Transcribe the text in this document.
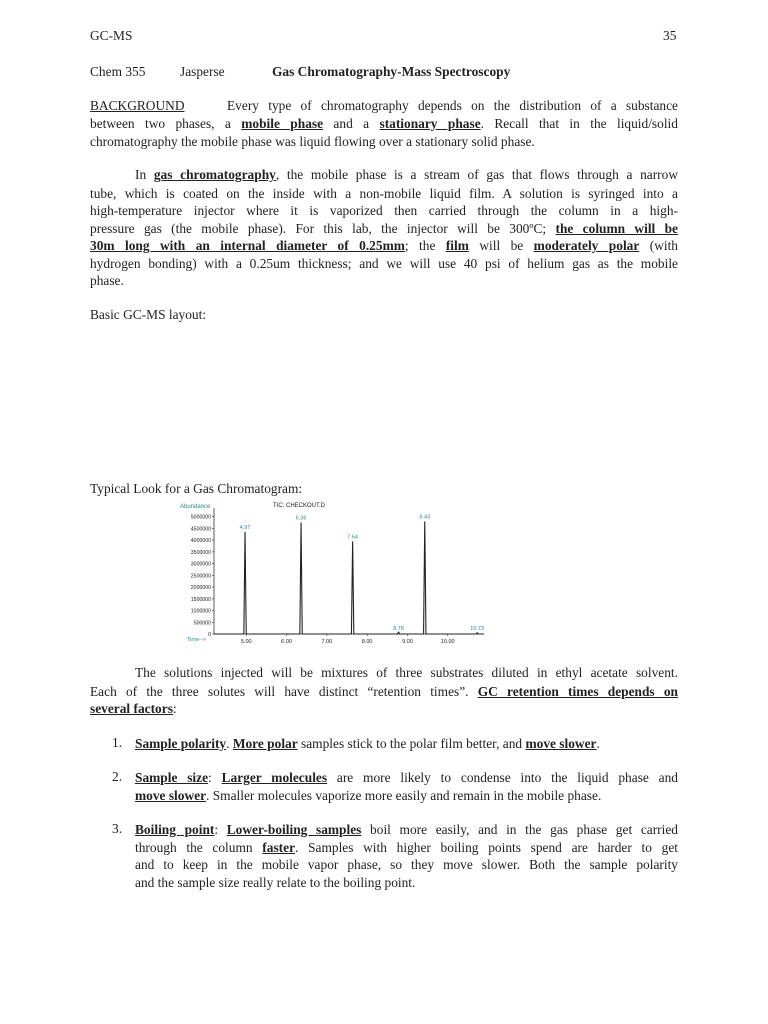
GC-MS	35
Chem 355	Jasperse	Gas Chromatography-Mass Spectroscopy
BACKGROUND	Every type of chromatography depends on the distribution of a substance
between two phases, a mobile phase and a stationary phase. Recall that in the liquid/solid
chromatography the mobile phase was liquid flowing over a stationary solid phase.
In gas chromatography, the mobile phase is a stream of gas that flows through a narrow
tube, which is coated on the inside with a non-mobile liquid film. A solution is syringed into a
high-temperature injector where it is vaporized then carried through the column in a high-
pressure gas (the mobile phase). For this lab, the injector will be 300ºC; the column will be
30m long with an internal diameter of 0.25mm; the film will be moderately polar (with
hydrogen bonding) with a 0.25um thickness; and we will use 40 psi of helium gas as the mobile
phase.
Basic GC-MS layout:
Typical Look for a Gas Chromatogram:
TIC: CHECKOUT.D
Abundance
Time-->
5000000
4500000
4000000
3500000
3000000
2500000
2000000
1500000
1000000
500000
0
5.00	6.00	7.00	8.00	9.00	10.00
4.97
6.36
7.64
8.78
9.43
10.73
The solutions injected will be mixtures of three substrates diluted in ethyl acetate solvent.
Each of the three solutes will have distinct “retention times”. GC retention times depends on
several factors:
1. Sample polarity. More polar samples stick to the polar film better, and move slower.
2. Sample size: Larger molecules are more likely to condense into the liquid phase and
move slower. Smaller molecules vaporize more easily and remain in the mobile phase.
3. Boiling point: Lower-boiling samples boil more easily, and in the gas phase get carried
through the column faster. Samples with higher boiling points spend are harder to get
and to keep in the mobile vapor phase, so they move slower. Both the sample polarity
and the sample size really relate to the boiling point.
